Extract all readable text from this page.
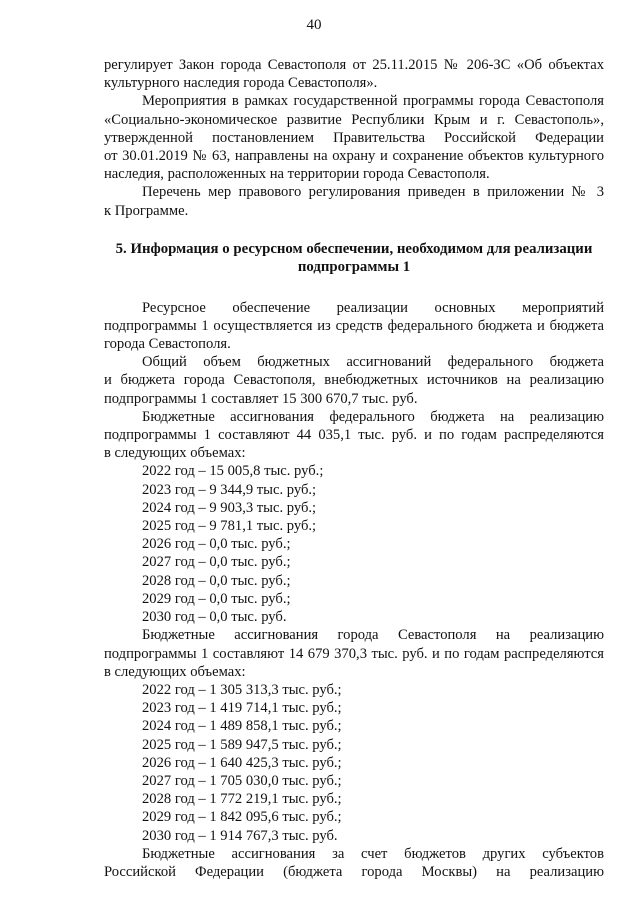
40
регулирует Закон города Севастополя от 25.11.2015 № 206-ЗС «Об объектах
культурного наследия города Севастополя».
Мероприятия в рамках государственной программы города Севастополя
«Социально-экономическое развитие Республики Крым и г. Севастополь»,
утвержденной постановлением Правительства Российской Федерации
от 30.01.2019 № 63, направлены на охрану и сохранение объектов культурного
наследия, расположенных на территории города Севастополя.
Перечень мер правового регулирования приведен в приложении № 3
к Программе.
5. Информация о ресурсном обеспечении, необходимом для реализации
подпрограммы 1
Ресурсное обеспечение реализации основных мероприятий
подпрограммы 1 осуществляется из средств федерального бюджета и бюджета
города Севастополя.
Общий объем бюджетных ассигнований федерального бюджета
и бюджета города Севастополя, внебюджетных источников на реализацию
подпрограммы 1 составляет 15 300 670,7 тыс. руб.
Бюджетные ассигнования федерального бюджета на реализацию
подпрограммы 1 составляют 44 035,1 тыс. руб. и по годам распределяются
в следующих объемах:
2022 год – 15 005,8 тыс. руб.;
2023 год – 9 344,9 тыс. руб.;
2024 год – 9 903,3 тыс. руб.;
2025 год – 9 781,1 тыс. руб.;
2026 год – 0,0 тыс. руб.;
2027 год – 0,0 тыс. руб.;
2028 год – 0,0 тыс. руб.;
2029 год – 0,0 тыс. руб.;
2030 год – 0,0 тыс. руб.
Бюджетные ассигнования города Севастополя на реализацию
подпрограммы 1 составляют 14 679 370,3 тыс. руб. и по годам распределяются
в следующих объемах:
2022 год – 1 305 313,3 тыс. руб.;
2023 год – 1 419 714,1 тыс. руб.;
2024 год – 1 489 858,1 тыс. руб.;
2025 год – 1 589 947,5 тыс. руб.;
2026 год – 1 640 425,3 тыс. руб.;
2027 год – 1 705 030,0 тыс. руб.;
2028 год – 1 772 219,1 тыс. руб.;
2029 год – 1 842 095,6 тыс. руб.;
2030 год – 1 914 767,3 тыс. руб.
Бюджетные ассигнования за счет бюджетов других субъектов
Российской Федерации (бюджета города Москвы) на реализацию
